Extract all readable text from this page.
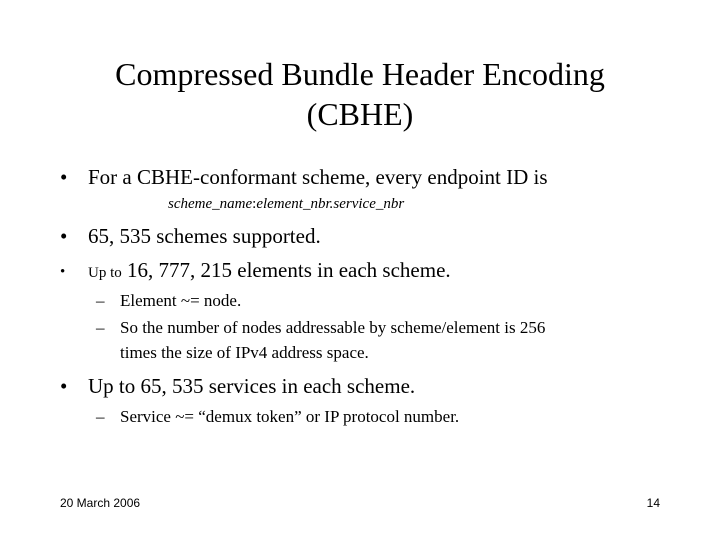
Compressed Bundle Header Encoding
(CBHE)
• For a CBHE-conformant scheme, every endpoint ID is
scheme_name:element_nbr.service_nbr
• 65, 535 schemes supported.
• Up to 16, 777, 215 elements in each scheme.
– Element ~= node.
– So the number of nodes addressable by scheme/element is 256
times the size of IPv4 address space.
• Up to 65, 535 services in each scheme.
– Service ~= “demux token” or IP protocol number.
20 March 2006	14
